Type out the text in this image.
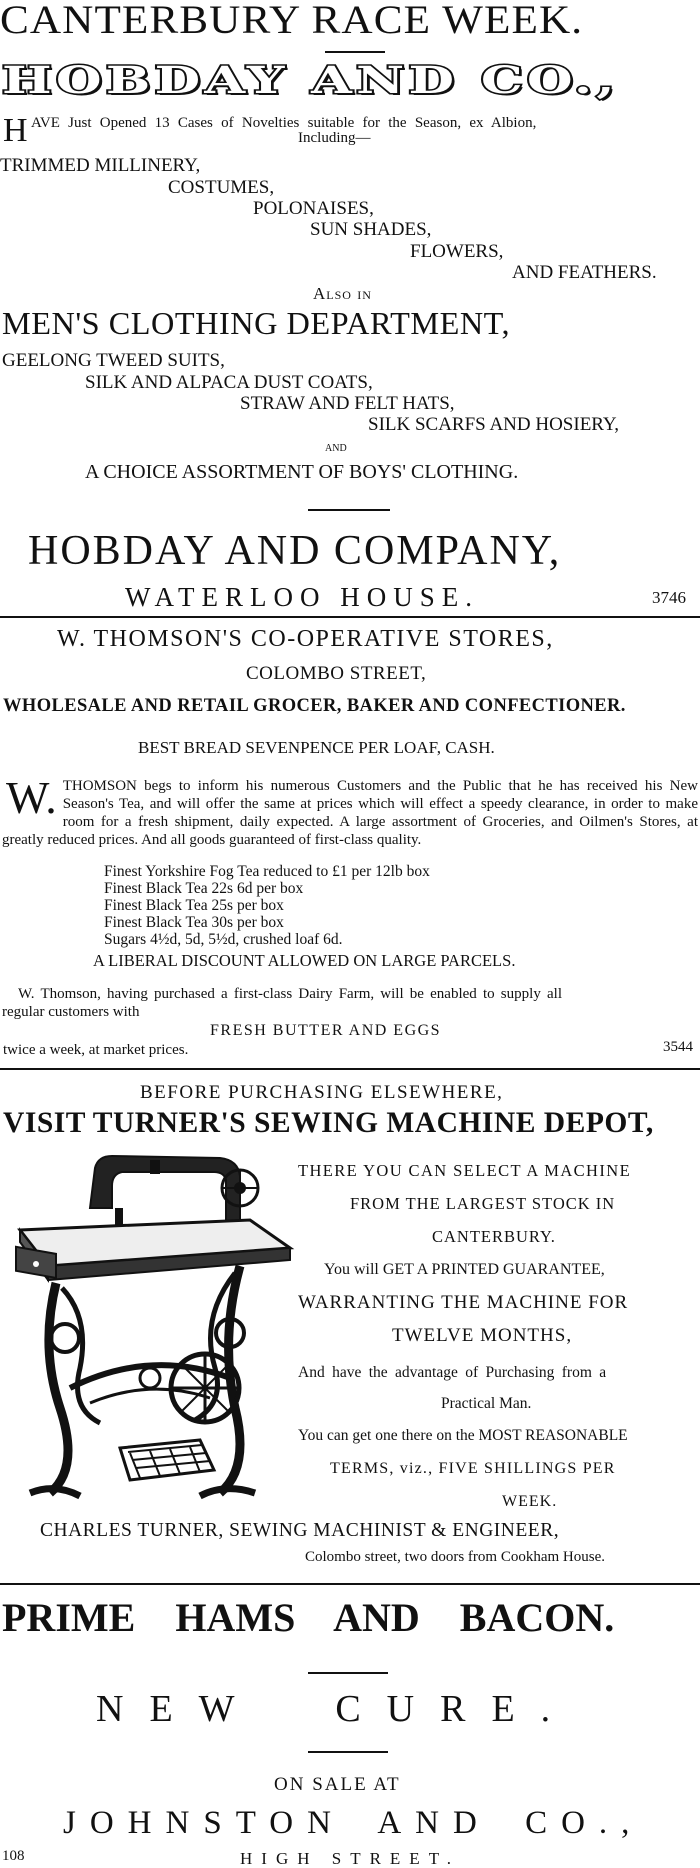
CANTERBURY RACE WEEK.
HOBDAY AND CO.,
H AVE Just Opened 13 Cases of Novelties suitable for the Season, ex Albion,
Including—
TRIMMED MILLINERY,
COSTUMES,
POLONAISES,
SUN SHADES,
FLOWERS,
AND FEATHERS.
Also in
MEN'S CLOTHING DEPARTMENT,
GEELONG TWEED SUITS,
SILK AND ALPACA DUST COATS,
STRAW AND FELT HATS,
SILK SCARFS AND HOSIERY,
and
A CHOICE ASSORTMENT OF BOYS' CLOTHING.
HOBDAY AND COMPANY,
WATERLOO HOUSE.	3746
W. THOMSON'S CO-OPERATIVE STORES,
COLOMBO STREET,
WHOLESALE AND RETAIL GROCER, BAKER AND CONFECTIONER.
BEST BREAD SEVENPENCE PER LOAF, CASH.
W. THOMSON begs to inform his numerous Customers and the Public that he has received his New Season's Tea, and will offer the same at prices which will effect a speedy clearance, in order to make room for a fresh shipment, daily expected. A large assortment of Groceries, and Oilmen's Stores, at greatly reduced prices. And all goods guaranteed of first-class quality.
Finest Yorkshire Fog Tea reduced to £1 per 12lb box
Finest Black Tea 22s 6d per box
Finest Black Tea 25s per box
Finest Black Tea 30s per box
Sugars 4½d, 5d, 5½d, crushed loaf 6d.
A LIBERAL DISCOUNT ALLOWED ON LARGE PARCELS.
W. Thomson, having purchased a first-class Dairy Farm, will be enabled to supply all regular customers with
FRESH BUTTER AND EGGS
twice a week, at market prices.	3544
BEFORE PURCHASING ELSEWHERE,
VISIT TURNER'S SEWING MACHINE DEPOT,
THERE YOU CAN SELECT A MACHINE
FROM THE LARGEST STOCK IN
CANTERBURY.
You will GET A PRINTED GUARANTEE,
WARRANTING THE MACHINE FOR
TWELVE MONTHS,
And have the advantage of Purchasing from a
Practical Man.
You can get one there on the MOST REASONABLE
TERMS, viz., FIVE SHILLINGS PER
WEEK.
CHARLES TURNER, SEWING MACHINIST & ENGINEER,
Colombo street, two doors from Cookham House.
PRIME HAMS AND BACON.
NEW CURE.
ON SALE AT
JOHNSTON AND CO.,
HIGH STREET.
108
